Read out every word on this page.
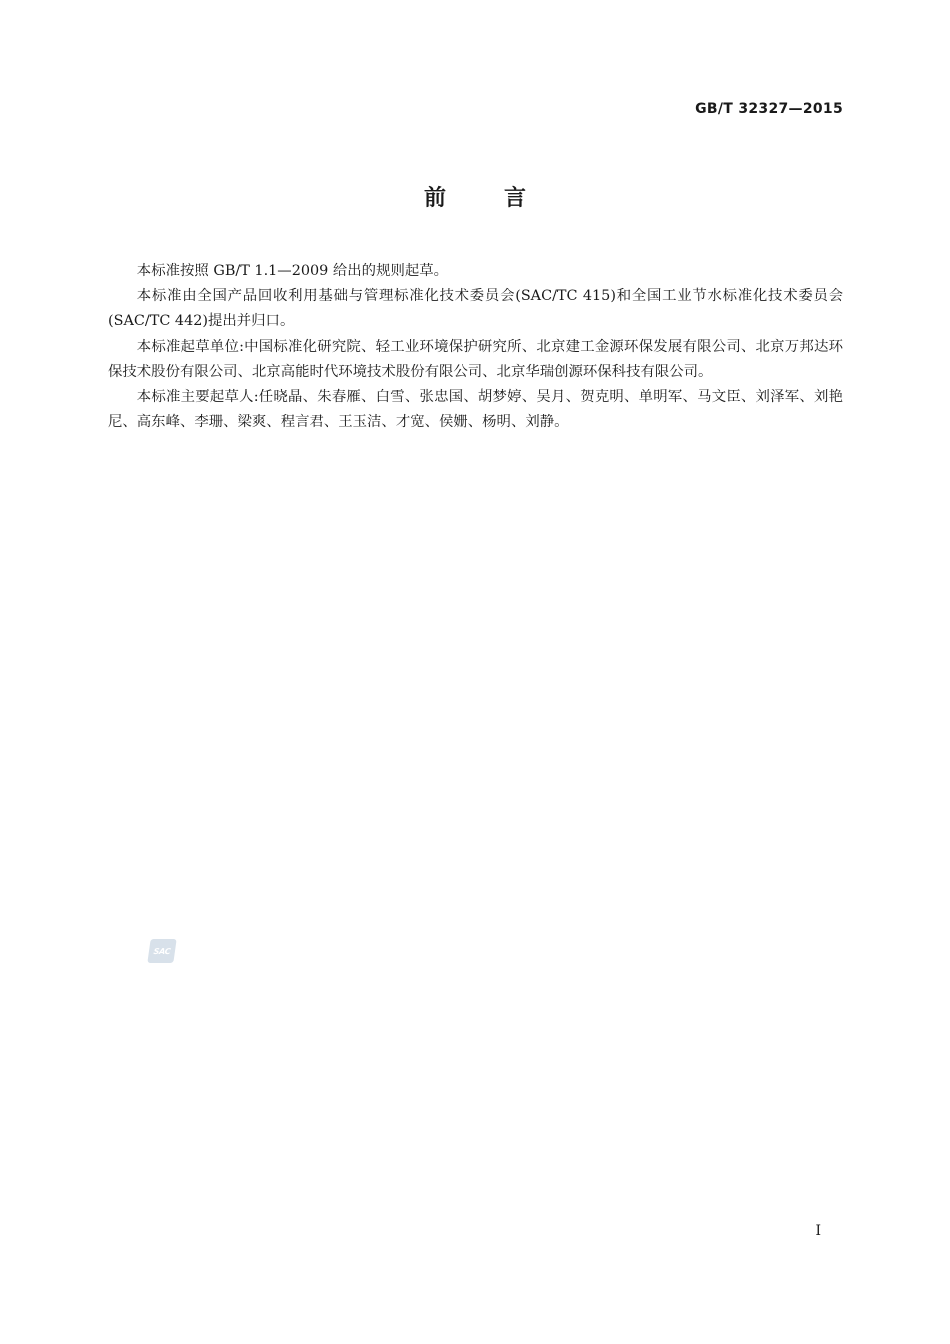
GB/T 32327—2015
前言

本标准按照 GB/T 1.1—2009 给出的规则起草。

本标准由全国产品回收利用基础与管理标准化技术委员会(SAC/TC 415)和全国工业节水标准化技术委员会(SAC/TC 442)提出并归口。

本标准起草单位:中国标准化研究院、轻工业环境保护研究所、北京建工金源环保发展有限公司、北京万邦达环保技术股份有限公司、北京高能时代环境技术股份有限公司、北京华瑞创源环保科技有限公司。

本标准主要起草人:任晓晶、朱春雁、白雪、张忠国、胡梦婷、吴月、贺克明、单明军、马文臣、刘泽军、刘艳尼、高东峰、李珊、梁爽、程言君、王玉洁、才宽、侯姗、杨明、刘静。

SAC
I
